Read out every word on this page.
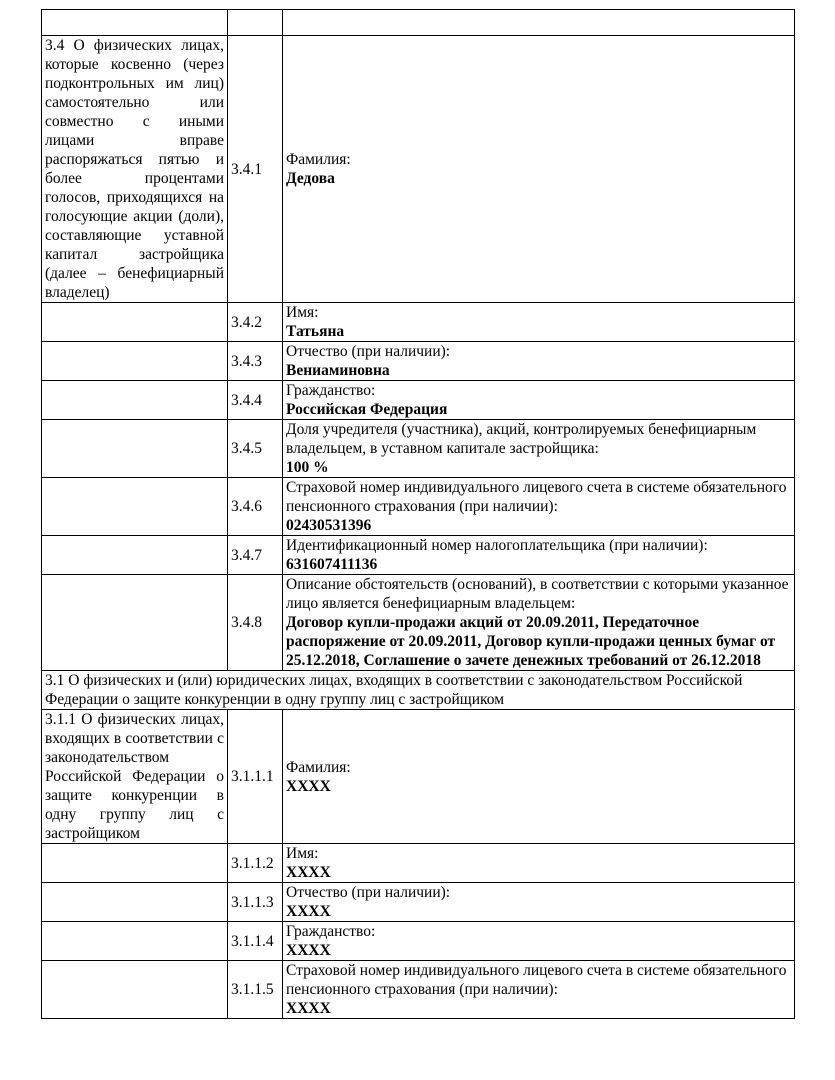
3.4 О физических лицах, которые косвенно (через подконтрольных им лиц) самостоятельно или совместно с иными лицами вправе распоряжаться пятью и более процентами голосов, приходящихся на голосующие акции (доли), составляющие уставной капитал застройщика (далее – бенефициарный владелец)	3.4.1	Фамилия:
Дедова

	3.4.2	Имя:
Татьяна

	3.4.3	Отчество (при наличии):
Вениаминовна

	3.4.4	Гражданство:
Российская Федерация

	3.4.5	Доля учредителя (участника), акций, контролируемых бенефициарным владельцем, в уставном капитале застройщика:
100 %

	3.4.6	Страховой номер индивидуального лицевого счета в системе обязательного пенсионного страхования (при наличии):
02430531396

	3.4.7	Идентификационный номер налогоплательщика (при наличии):
631607411136

	3.4.8	Описание обстоятельств (оснований), в соответствии с которыми указанное лицо является бенефициарным владельцем:
Договор купли-продажи акций от 20.09.2011, Передаточное распоряжение от 20.09.2011, Договор купли-продажи ценных бумаг от 25.12.2018, Соглашение о зачете денежных требований от 26.12.2018

3.1 О физических и (или) юридических лицах, входящих в соответствии с законодательством Российской Федерации о защите конкуренции в одну группу лиц с застройщиком		
3.1.1 О физических лицах, входящих в соответствии с законодательством Российской Федерации о защите конкуренции в одну группу лиц с застройщиком	3.1.1.1	Фамилия:
ХХХХ

	3.1.1.2	Имя:
ХХХХ

	3.1.1.3	Отчество (при наличии):
ХХХХ

	3.1.1.4	Гражданство:
ХХХХ

	3.1.1.5	Страховой номер индивидуального лицевого счета в системе обязательного пенсионного страхования (при наличии):
ХХХХ
